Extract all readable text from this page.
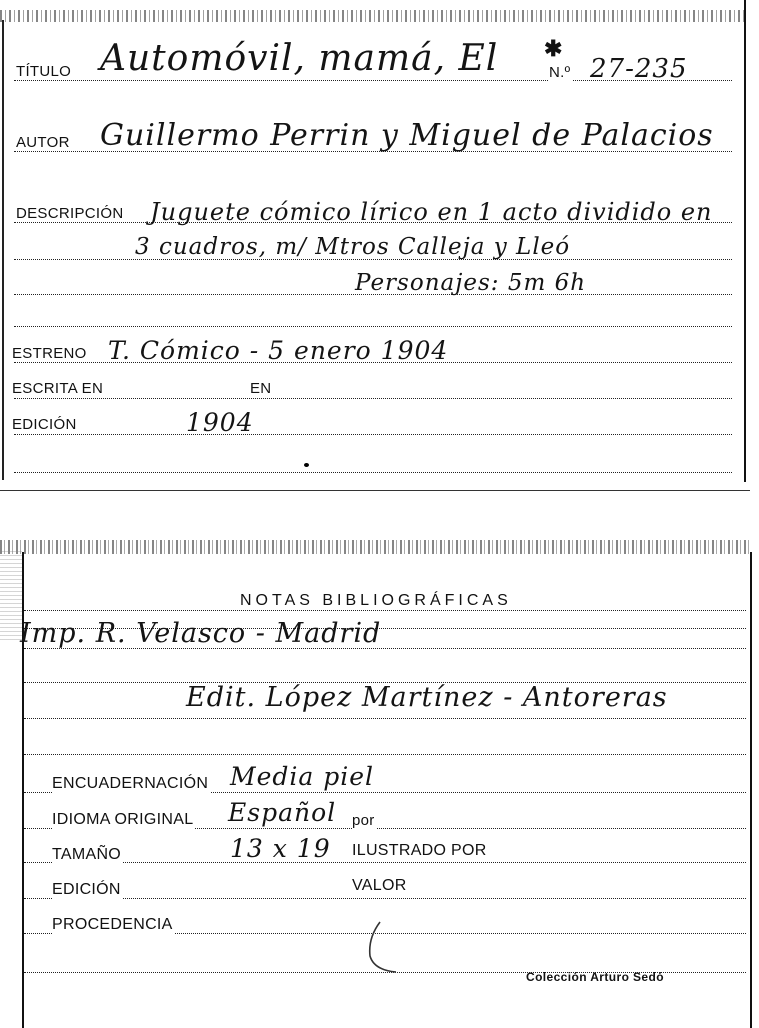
TÍTULO Automóvil, mamá, El ✱
N.º 27-235
AUTOR Guillermo Perrin y Miguel de Palacios
DESCRIPCIÓN Juguete cómico lírico en 1 acto dividido en
3 cuadros, m/ Mtros Calleja y Lleó
Personajes: 5m 6h
ESTRENO T. Cómico - 5 enero 1904
ESCRITA EN	EN
EDICIÓN	1904
NOTAS BIBLIOGRÁFICAS
Imp. R. Velasco - Madrid
Edit. López Martínez - Antoreras
ENCUADERNACIÓN Media piel
IDIOMA ORIGINAL Español por
TAMAÑO	13 x 19 ILUSTRADO POR
EDICIÓN	VALOR
PROCEDENCIA
Colección Arturo Sedó
